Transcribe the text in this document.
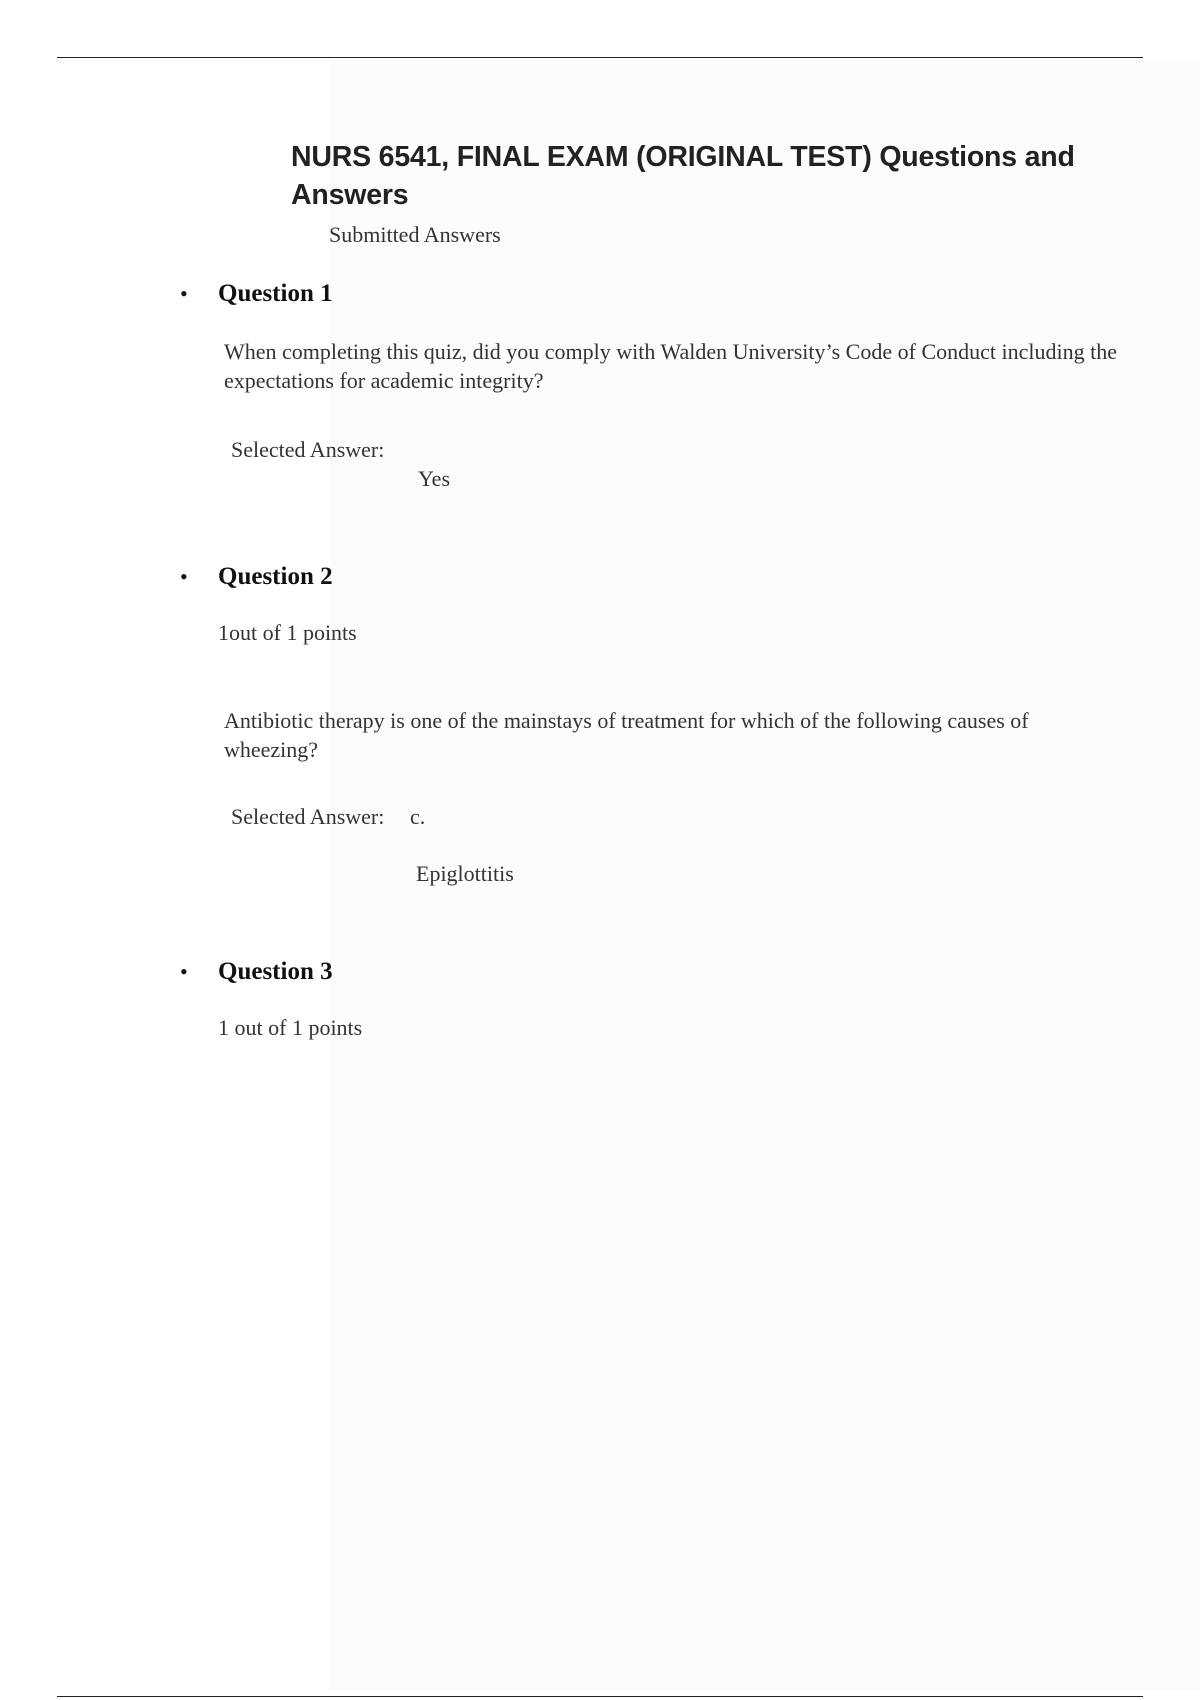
NURS 6541, FINAL EXAM (ORIGINAL TEST) Questions and Answers
Submitted Answers
• Question 1
When completing this quiz, did you comply with Walden University’s Code of Conduct including the expectations for academic integrity?
Selected Answer:
Yes
• Question 2
1out of 1 points
Antibiotic therapy is one of the mainstays of treatment for which of the following causes of wheezing?
Selected Answer: c.
Epiglottitis
• Question 3
1 out of 1 points
